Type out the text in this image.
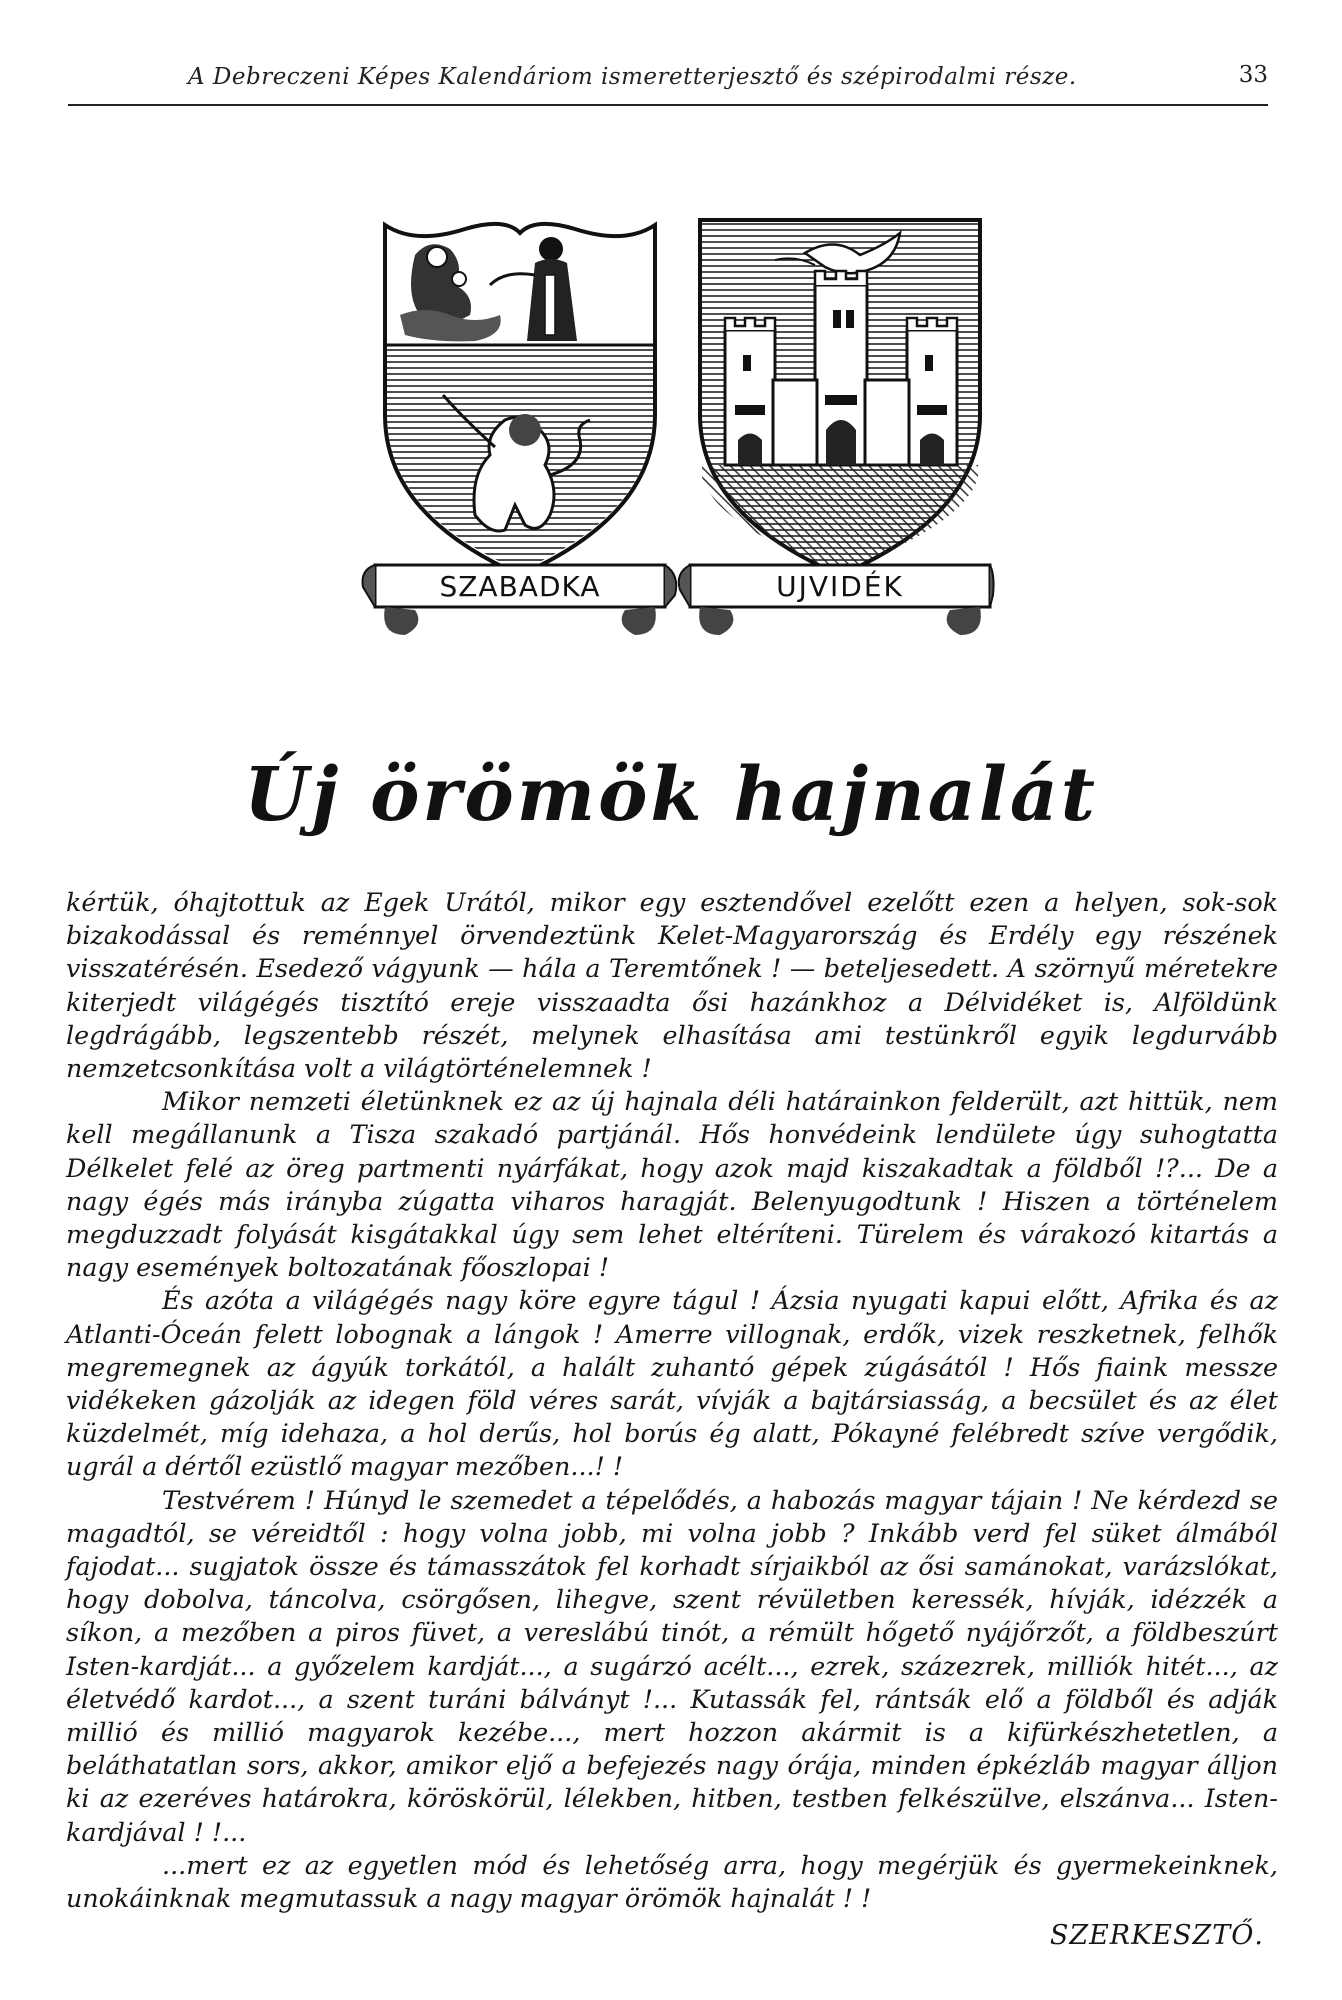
A Debreczeni Képes Kalendáriom ismeretterjesztő és szépirodalmi része.	33
SZABADKA	UJVIDÉK
Új örömök hajnalát

kértük, óhajtottuk az Egek Urától, mikor egy esztendővel ezelőtt ezen a helyen, sok-sok bizakodással és reménnyel örvendeztünk Kelet-Magyarország és Erdély egy részének visszatérésén. Esedező vágyunk — hála a Teremtőnek ! — beteljesedett. A szörnyű méretekre kiterjedt világégés tisztító ereje visszaadta ősi hazánkhoz a Délvidéket is, Alföldünk legdrágább, legszentebb részét, melynek elhasítása ami testünkről egyik legdurvább nemzetcsonkítása volt a világtörténelemnek !

Mikor nemzeti életünknek ez az új hajnala déli határainkon felderült, azt hittük, nem kell megállanunk a Tisza szakadó partjánál. Hős honvédeink lendülete úgy suhogtatta Délkelet felé az öreg partmenti nyárfákat, hogy azok majd kiszakadtak a földből !?... De a nagy égés más irányba zúgatta viharos haragját. Belenyugodtunk ! Hiszen a történelem megduzzadt folyását kisgátakkal úgy sem lehet eltéríteni. Türelem és várakozó kitartás a nagy események boltozatának főoszlopai !

És azóta a világégés nagy köre egyre tágul ! Ázsia nyugati kapui előtt, Afrika és az Atlanti-Óceán felett lobognak a lángok ! Amerre villognak, erdők, vizek reszketnek, felhők megremegnek az ágyúk torkától, a halált zuhantó gépek zúgásától ! Hős fiaink messze vidékeken gázolják az idegen föld véres sarát, vívják a bajtársiasság, a becsület és az élet küzdelmét, míg idehaza, a hol derűs, hol borús ég alatt, Pókayné felébredt szíve vergődik, ugrál a dértől ezüstlő magyar mezőben...! !

Testvérem ! Húnyd le szemedet a tépelődés, a habozás magyar tájain ! Ne kérdezd se magadtól, se véreidtől : hogy volna jobb, mi volna jobb ? Inkább verd fel süket álmából fajodat... sugjatok össze és támasszátok fel korhadt sírjaikból az ősi samánokat, varázslókat, hogy dobolva, táncolva, csörgősen, lihegve, szent révületben keressék, hívják, idézzék a síkon, a mezőben a piros füvet, a vereslábú tinót, a rémült hőgető nyájőrzőt, a földbeszúrt Isten-kardját... a győzelem kardját..., a sugárzó acélt..., ezrek, százezrek, milliók hitét..., az életvédő kardot..., a szent turáni bálványt !... Kutassák fel, rántsák elő a földből és adják millió és millió magyarok kezébe..., mert hozzon akármit is a kifürkészhetetlen, a beláthatatlan sors, akkor, amikor eljő a befejezés nagy órája, minden épkézláb magyar álljon ki az ezeréves határokra, köröskörül, lélekben, hitben, testben felkészülve, elszánva... Isten-kardjával ! !...

...mert ez az egyetlen mód és lehetőség arra, hogy megérjük és gyermekeinknek, unokáinknak megmutassuk a nagy magyar örömök hajnalát ! !

SZERKESZTŐ.
